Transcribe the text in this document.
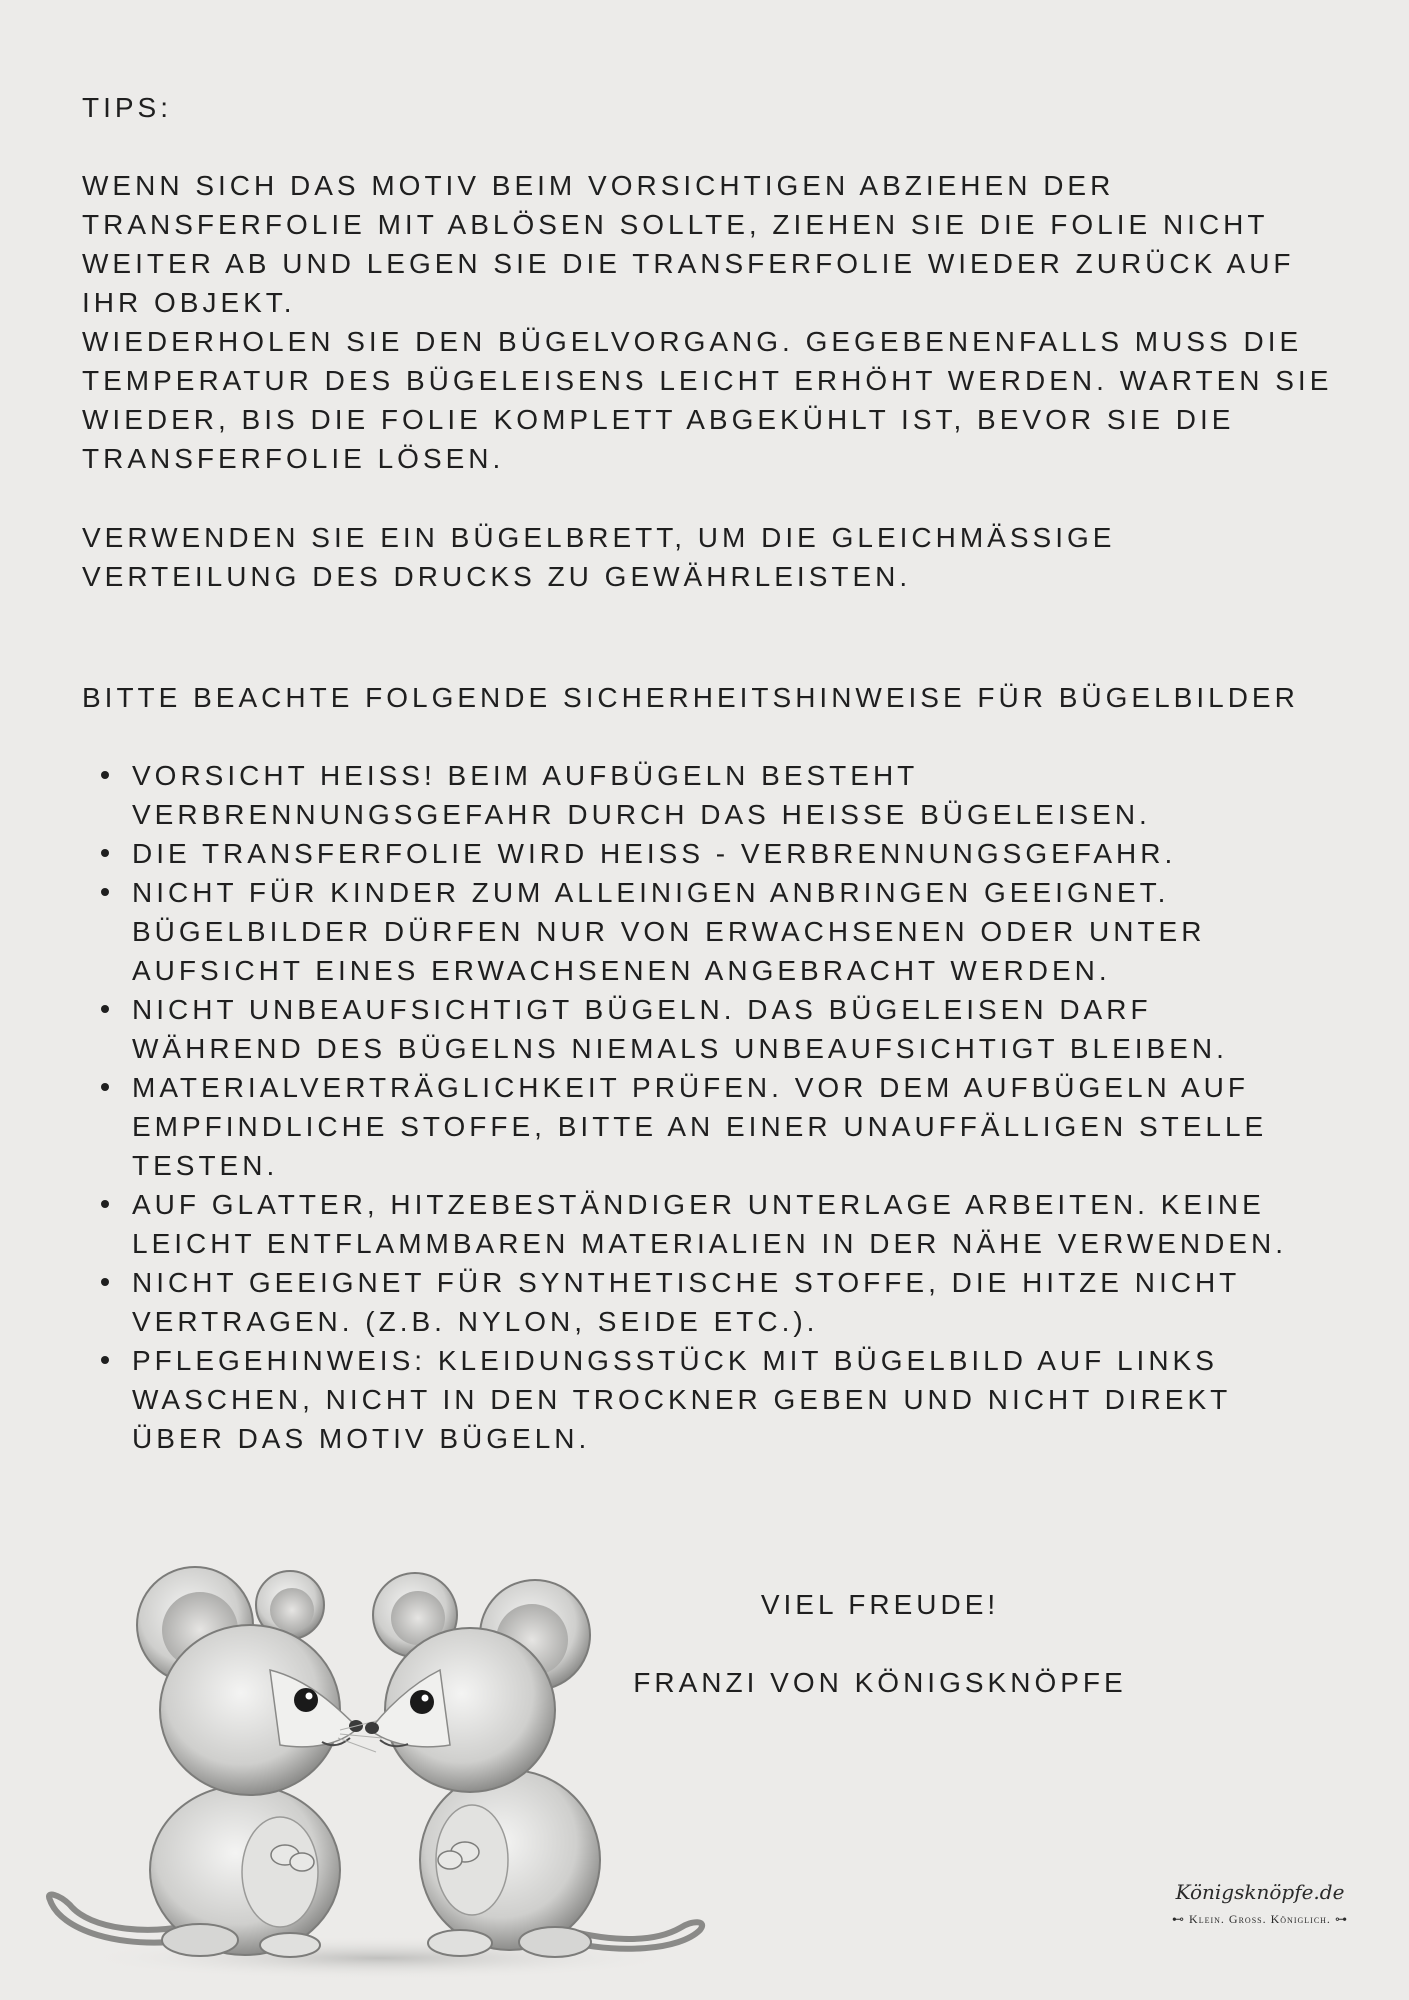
TIPS:
WENN SICH DAS MOTIV BEIM VORSICHTIGEN ABZIEHEN DER
TRANSFERFOLIE MIT ABLÖSEN SOLLTE, ZIEHEN SIE DIE FOLIE NICHT
WEITER AB UND LEGEN SIE DIE TRANSFERFOLIE WIEDER ZURÜCK AUF
IHR OBJEKT.
WIEDERHOLEN SIE DEN BÜGELVORGANG. GEGEBENENFALLS MUSS DIE
TEMPERATUR DES BÜGELEISENS LEICHT ERHÖHT WERDEN. WARTEN SIE
WIEDER, BIS DIE FOLIE KOMPLETT ABGEKÜHLT IST, BEVOR SIE DIE
TRANSFERFOLIE LÖSEN.
VERWENDEN SIE EIN BÜGELBRETT, UM DIE GLEICHMÄSSIGE
VERTEILUNG DES DRUCKS ZU GEWÄHRLEISTEN.
BITTE BEACHTE FOLGENDE SICHERHEITSHINWEISE FÜR BÜGELBILDER
VORSICHT HEISS! BEIM AUFBÜGELN BESTEHT
VERBRENNUNGSGEFAHR DURCH DAS HEISSE BÜGELEISEN.
DIE TRANSFERFOLIE WIRD HEISS - VERBRENNUNGSGEFAHR.
NICHT FÜR KINDER ZUM ALLEINIGEN ANBRINGEN GEEIGNET.
BÜGELBILDER DÜRFEN NUR VON ERWACHSENEN ODER UNTER
AUFSICHT EINES ERWACHSENEN ANGEBRACHT WERDEN.
NICHT UNBEAUFSICHTIGT BÜGELN. DAS BÜGELEISEN DARF
WÄHREND DES BÜGELNS NIEMALS UNBEAUFSICHTIGT BLEIBEN.
MATERIALVERTRÄGLICHKEIT PRÜFEN. VOR DEM AUFBÜGELN AUF
EMPFINDLICHE STOFFE, BITTE AN EINER UNAUFFÄLLIGEN STELLE
TESTEN.
AUF GLATTER, HITZEBESTÄNDIGER UNTERLAGE ARBEITEN. KEINE
LEICHT ENTFLAMMBAREN MATERIALIEN IN DER NÄHE VERWENDEN.
NICHT GEEIGNET FÜR SYNTHETISCHE STOFFE, DIE HITZE NICHT
VERTRAGEN. (Z.B. NYLON, SEIDE ETC.).
PFLEGEHINWEIS: KLEIDUNGSSTÜCK MIT BÜGELBILD AUF LINKS
WASCHEN, NICHT IN DEN TROCKNER GEBEN UND NICHT DIREKT
ÜBER DAS MOTIV BÜGELN.

VIEL FREUDE!

FRANZI VON KÖNIGSKNÖPFE

Königsknöpfe.de
⊷ Klein. Gross. Königlich. ⊶
